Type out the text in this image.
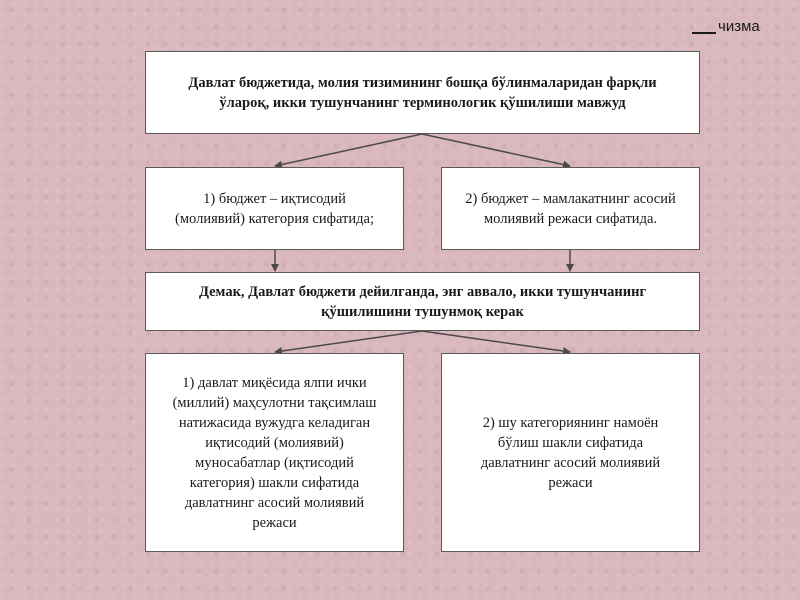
чизма
Давлат бюджетида, молия тизимининг бошқа бўлинмаларидан фарқли
ўлароқ, икки тушунчанинг терминологик қўшилиши мавжуд
1) бюджет – иқтисодий
(молиявий) категория сифатида;
2) бюджет – мамлакатнинг асосий
молиявий режаси сифатида.
Демак, Давлат бюджети дейилганда, энг аввало, икки тушунчанинг
қўшилишини тушунмоқ керак
1) давлат миқёсида ялпи ички
(миллий) маҳсулотни тақсимлаш
натижасида вужудга келадиган
иқтисодий (молиявий)
муносабатлар (иқтисодий
категория) шакли сифатида
давлатнинг асосий молиявий
режаси
2) шу категориянинг намоён
бўлиш шакли сифатида
давлатнинг асосий молиявий
режаси
